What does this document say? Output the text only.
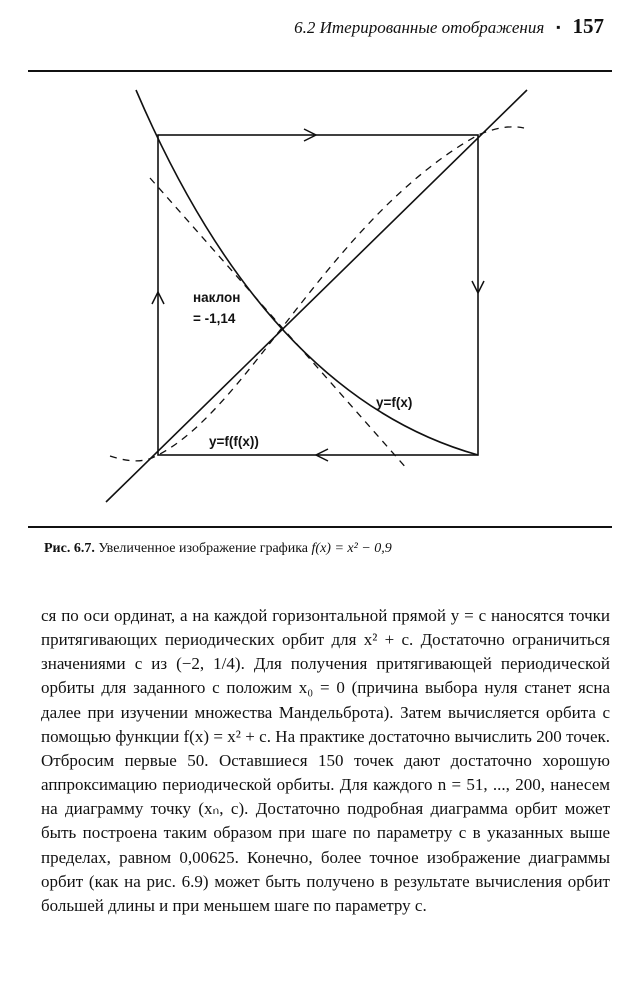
6.2 Итерированные отображения ▪ 157
наклон
= -1,14
y=f(x)
y=f(f(x))
Рис. 6.7. Увеличенное изображение графика f(x) = x² − 0,9

ся по оси ординат, а на каждой горизонтальной прямой y = c наносятся точки притягивающих периодических орбит для x² + c. Достаточно ограничиться значениями c из (−2, 1/4). Для получения притягивающей периодической орбиты для заданного c положим x₀ = 0 (причина выбора нуля станет ясна далее при изучении множества Мандельброта). Затем вычисляется орбита с помощью функции f(x) = x² + c. На практике достаточно вычислить 200 точек. Отбросим первые 50. Оставшиеся 150 точек дают достаточно хорошую аппроксимацию периодической орбиты. Для каждого n = 51, ..., 200, нанесем на диаграмму точку (xₙ, c). Достаточно подробная диаграмма орбит может быть построена таким образом при шаге по параметру c в указанных выше пределах, равном 0,00625. Конечно, более точное изображение диаграммы орбит (как на рис. 6.9) может быть получено в результате вычисления орбит большей длины и при меньшем шаге по параметру c.
